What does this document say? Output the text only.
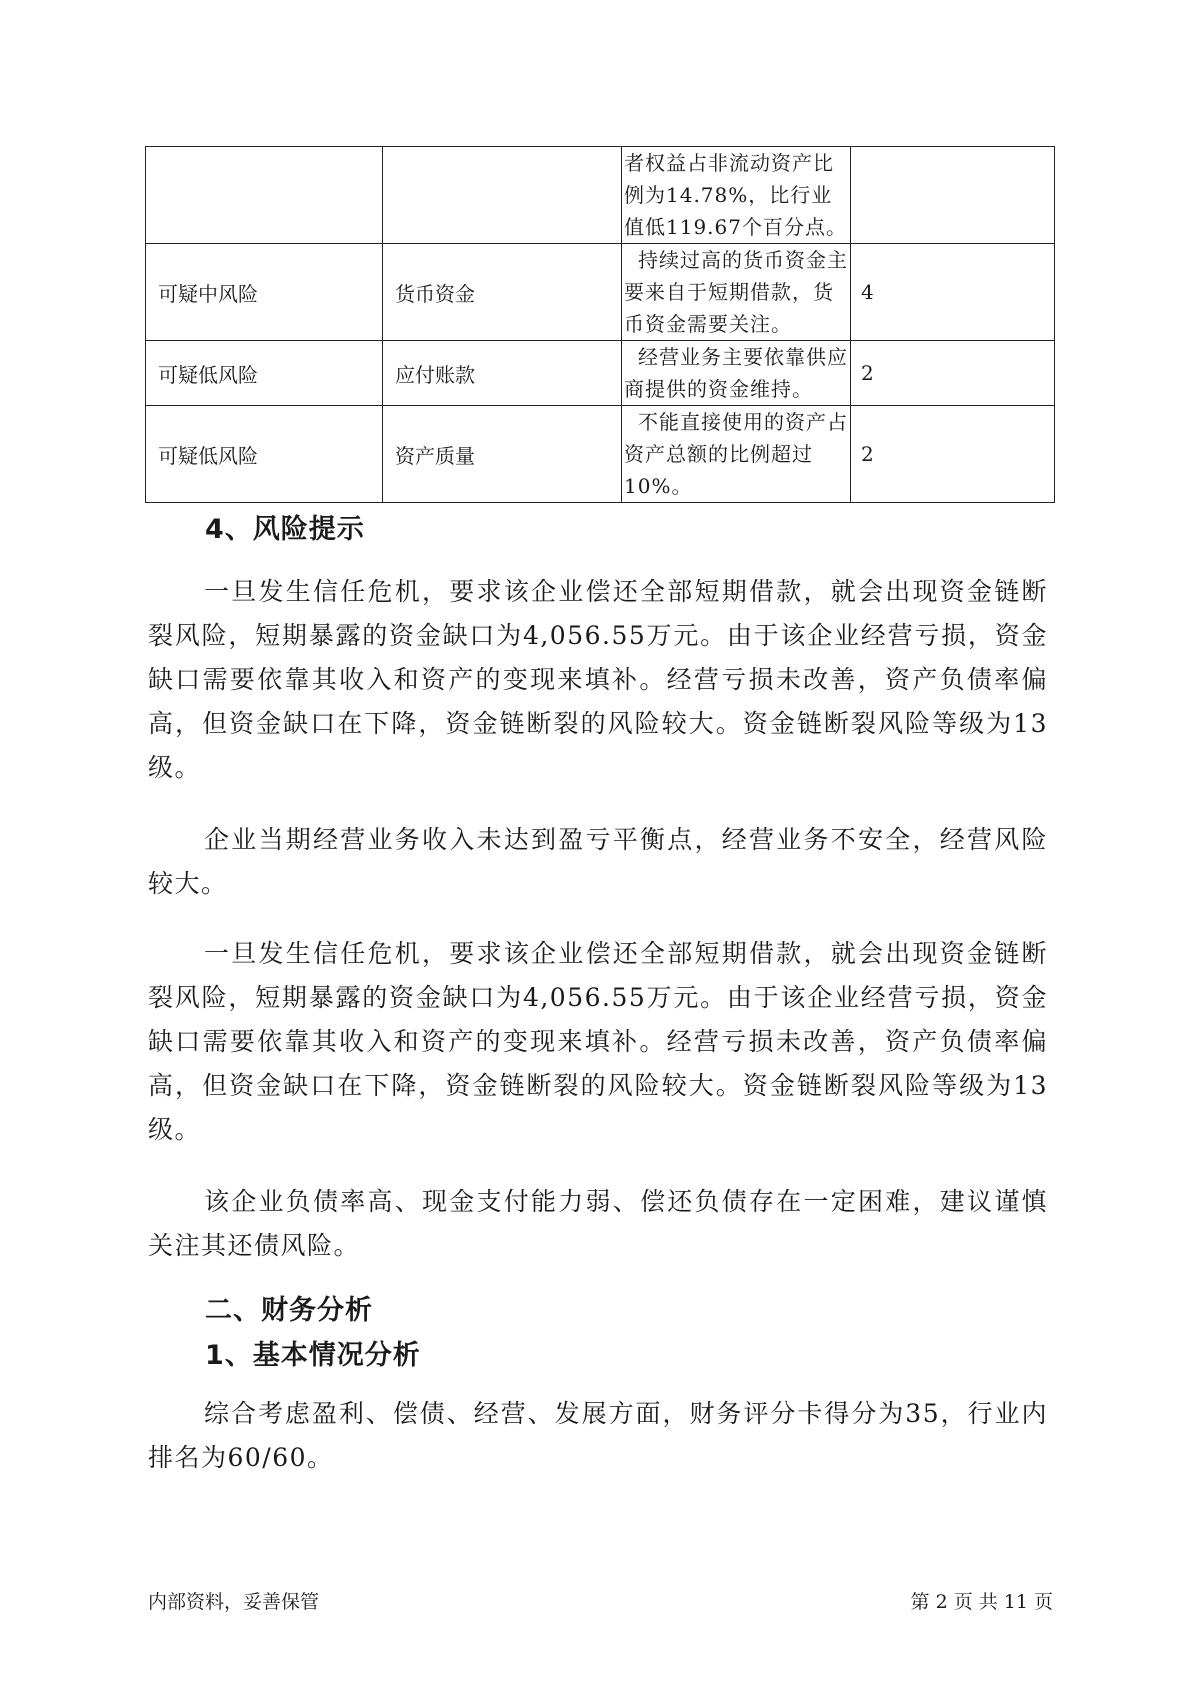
		者权益占非流动资产比例为14.78%，比行业值低119.67个百分点。	
可疑中风险	货币资金	持续过高的货币资金主要来自于短期借款，货币资金需要关注。	4
可疑低风险	应付账款	经营业务主要依靠供应商提供的资金维持。	2
可疑低风险	资产质量	不能直接使用的资产占资产总额的比例超过10%。	2
4、风险提示

一旦发生信任危机，要求该企业偿还全部短期借款，就会出现资金链断裂风险，短期暴露的资金缺口为4,056.55万元。由于该企业经营亏损，资金缺口需要依靠其收入和资产的变现来填补。经营亏损未改善，资产负债率偏高，但资金缺口在下降，资金链断裂的风险较大。资金链断裂风险等级为13级。

企业当期经营业务收入未达到盈亏平衡点，经营业务不安全，经营风险较大。

一旦发生信任危机，要求该企业偿还全部短期借款，就会出现资金链断裂风险，短期暴露的资金缺口为4,056.55万元。由于该企业经营亏损，资金缺口需要依靠其收入和资产的变现来填补。经营亏损未改善，资产负债率偏高，但资金缺口在下降，资金链断裂的风险较大。资金链断裂风险等级为13级。

该企业负债率高、现金支付能力弱、偿还负债存在一定困难，建议谨慎关注其还债风险。

二、财务分析
1、基本情况分析

综合考虑盈利、偿债、经营、发展方面，财务评分卡得分为35，行业内排名为60/60。

内部资料，妥善保管	第 2 页 共 11 页
